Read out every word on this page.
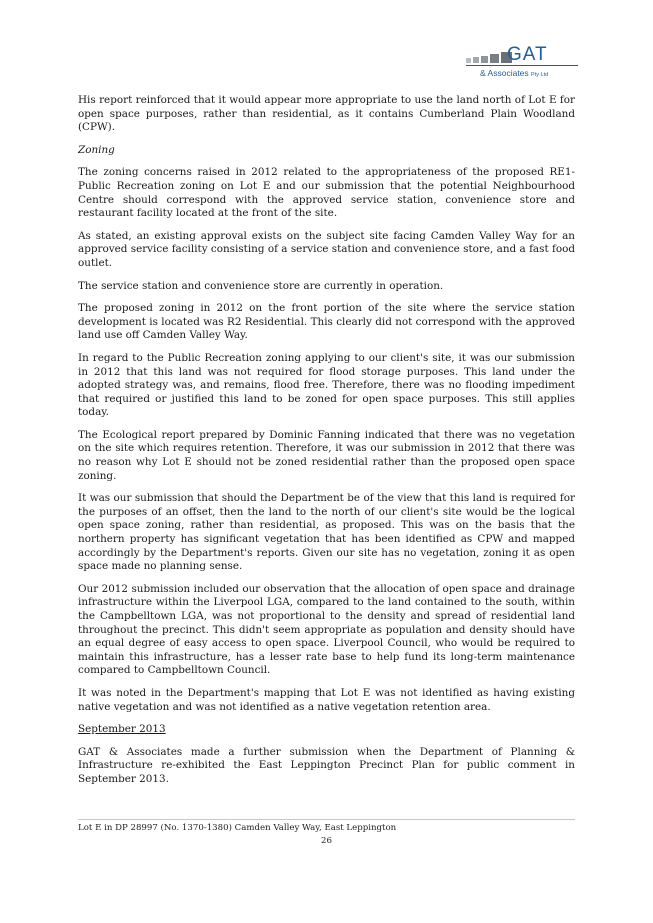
GAT
& Associates Pty Ltd

His report reinforced that it would appear more appropriate to use the land north of Lot E for open space purposes, rather than residential, as it contains Cumberland Plain Woodland (CPW).

Zoning

The zoning concerns raised in 2012 related to the appropriateness of the proposed RE1- Public Recreation zoning on Lot E and our submission that the potential Neighbourhood Centre should correspond with the approved service station, convenience store and restaurant facility located at the front of the site.

As stated, an existing approval exists on the subject site facing Camden Valley Way for an approved service facility consisting of a service station and convenience store, and a fast food outlet.

The service station and convenience store are currently in operation.

The proposed zoning in 2012 on the front portion of the site where the service station development is located was R2 Residential. This clearly did not correspond with the approved land use off Camden Valley Way.

In regard to the Public Recreation zoning applying to our client's site, it was our submission in 2012 that this land was not required for flood storage purposes. This land under the adopted strategy was, and remains, flood free. Therefore, there was no flooding impediment that required or justified this land to be zoned for open space purposes. This still applies today.

The Ecological report prepared by Dominic Fanning indicated that there was no vegetation on the site which requires retention. Therefore, it was our submission in 2012 that there was no reason why Lot E should not be zoned residential rather than the proposed open space zoning.

It was our submission that should the Department be of the view that this land is required for the purposes of an offset, then the land to the north of our client's site would be the logical open space zoning, rather than residential, as proposed. This was on the basis that the northern property has significant vegetation that has been identified as CPW and mapped accordingly by the Department's reports. Given our site has no vegetation, zoning it as open space made no planning sense.

Our 2012 submission included our observation that the allocation of open space and drainage infrastructure within the Liverpool LGA, compared to the land contained to the south, within the Campbelltown LGA, was not proportional to the density and spread of residential land throughout the precinct. This didn't seem appropriate as population and density should have an equal degree of easy access to open space. Liverpool Council, who would be required to maintain this infrastructure, has a lesser rate base to help fund its long-term maintenance compared to Campbelltown Council.

It was noted in the Department's mapping that Lot E was not identified as having existing native vegetation and was not identified as a native vegetation retention area.

September 2013

GAT & Associates made a further submission when the Department of Planning & Infrastructure re-exhibited the East Leppington Precinct Plan for public comment in September 2013.

Lot E in DP 28997 (No. 1370-1380) Camden Valley Way, East Leppington
26
